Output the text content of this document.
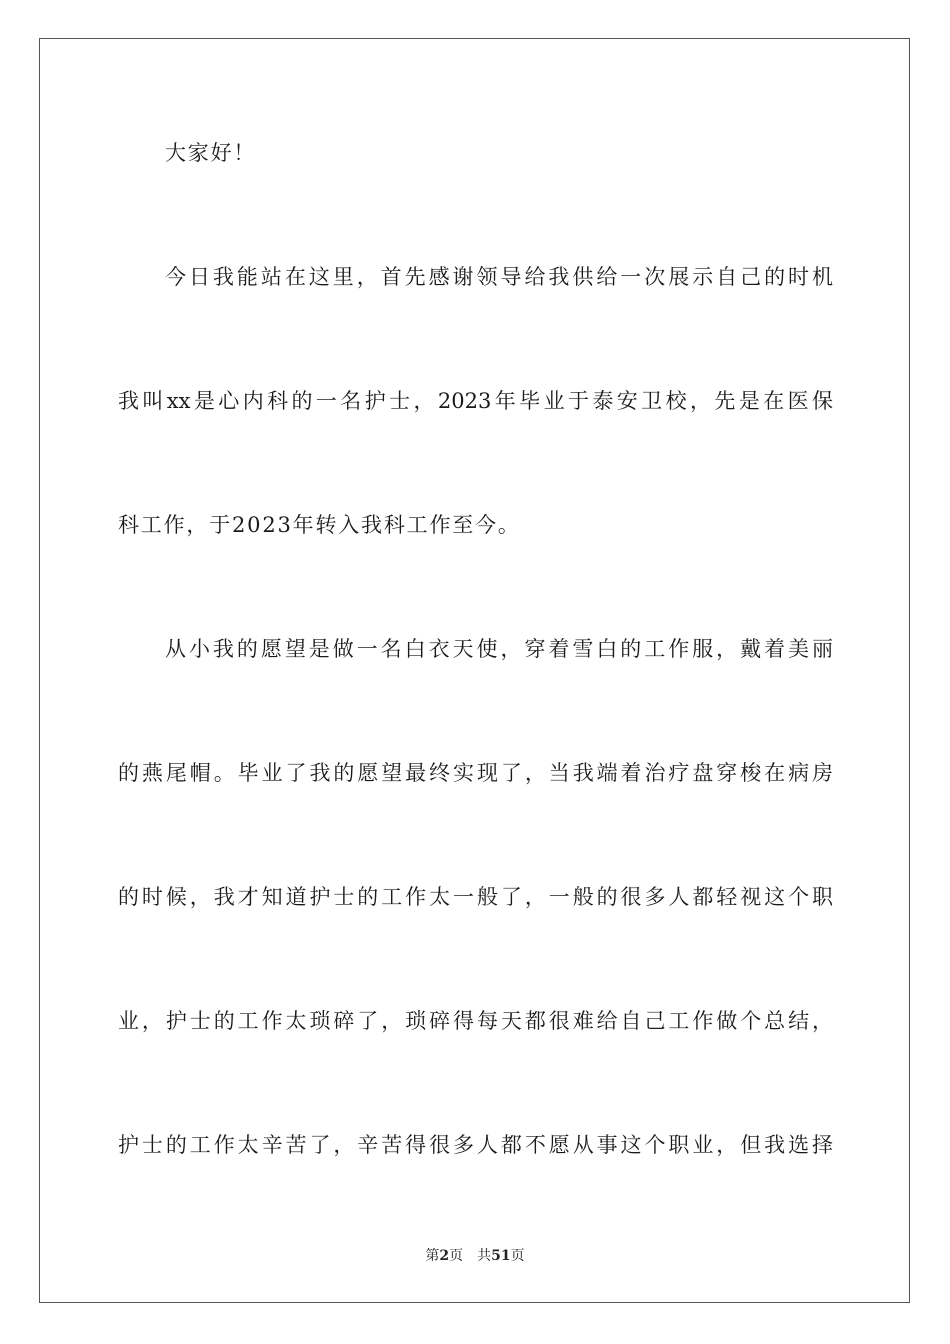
大家好！
今日我能站在这里，首先感谢领导给我供给一次展示自己的时机
我叫xx是心内科的一名护士，2023年毕业于泰安卫校，先是在医保
科工作，于2023年转入我科工作至今。
从小我的愿望是做一名白衣天使，穿着雪白的工作服，戴着美丽
的燕尾帽。毕业了我的愿望最终实现了，当我端着治疗盘穿梭在病房
的时候，我才知道护士的工作太一般了，一般的很多人都轻视这个职
业，护士的工作太琐碎了，琐碎得每天都很难给自己工作做个总结，
护士的工作太辛苦了，辛苦得很多人都不愿从事这个职业，但我选择
第2页 共51页
